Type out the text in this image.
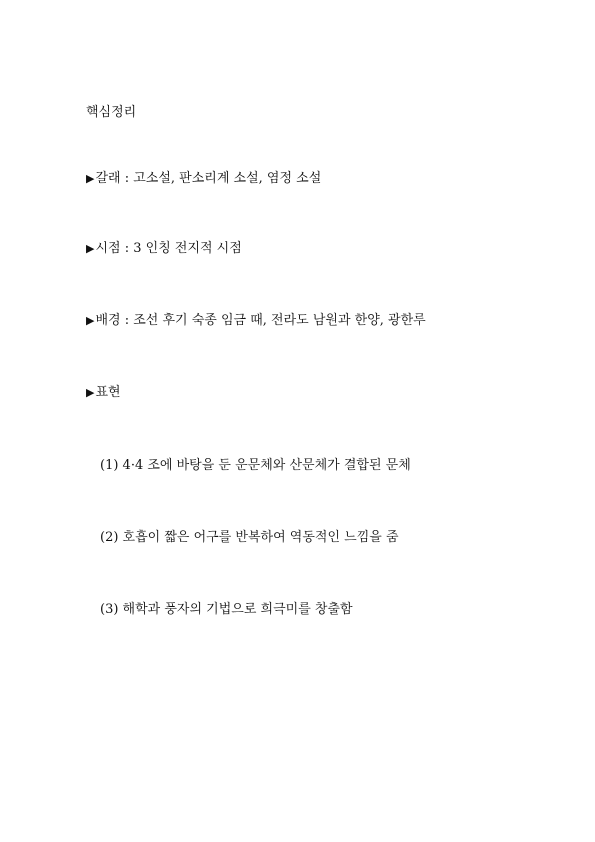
핵심정리
▶갈래 : 고소설, 판소리계 소설, 염정 소설
▶시점 : 3 인칭 전지적 시점
▶배경 : 조선 후기 숙종 임금 때, 전라도 남원과 한양, 광한루
▶표현
(1) 4·4 조에 바탕을 둔 운문체와 산문체가 결합된 문체
(2) 호흡이 짧은 어구를 반복하여 역동적인 느낌을 줌
(3) 해학과 풍자의 기법으로 희극미를 창출함
